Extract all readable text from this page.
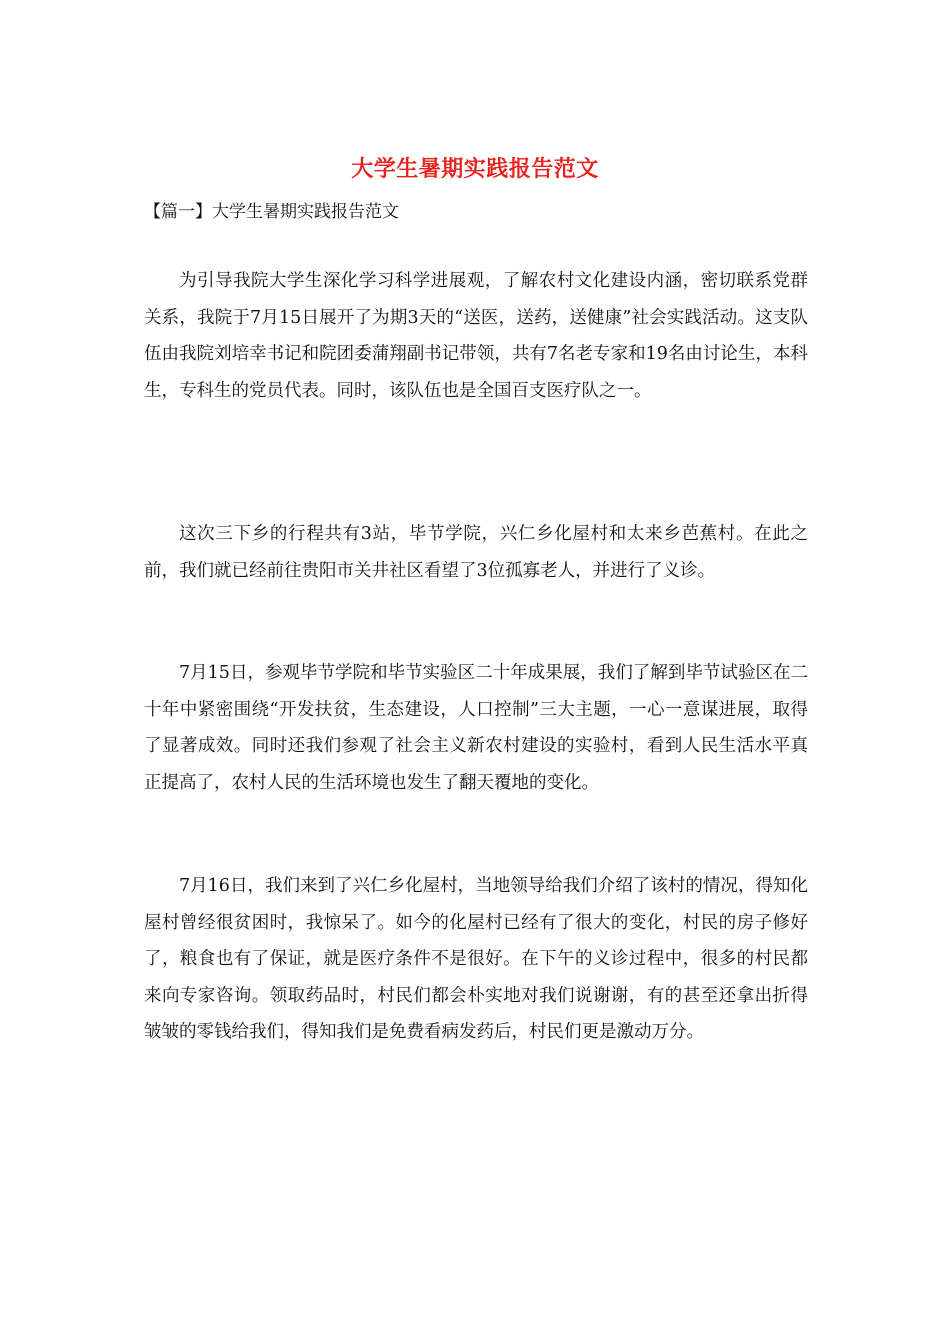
大学生暑期实践报告范文
【篇一】大学生暑期实践报告范文

为引导我院大学生深化学习科学进展观，了解农村文化建设内涵，密切联系党群关系，我院于7月15日展开了为期3天的“送医，送药，送健康”社会实践活动。这支队伍由我院刘培幸书记和院团委蒲翔副书记带领，共有7名老专家和19名由讨论生，本科生，专科生的党员代表。同时，该队伍也是全国百支医疗队之一。

这次三下乡的行程共有3站，毕节学院，兴仁乡化屋村和太来乡芭蕉村。在此之前，我们就已经前往贵阳市关井社区看望了3位孤寡老人，并进行了义诊。

7月15日，参观毕节学院和毕节实验区二十年成果展，我们了解到毕节试验区在二十年中紧密围绕“开发扶贫，生态建设，人口控制”三大主题，一心一意谋进展，取得了显著成效。同时还我们参观了社会主义新农村建设的实验村，看到人民生活水平真正提高了，农村人民的生活环境也发生了翻天覆地的变化。

7月16日，我们来到了兴仁乡化屋村，当地领导给我们介绍了该村的情况，得知化屋村曾经很贫困时，我惊呆了。如今的化屋村已经有了很大的变化，村民的房子修好了，粮食也有了保证，就是医疗条件不是很好。在下午的义诊过程中，很多的村民都来向专家咨询。领取药品时，村民们都会朴实地对我们说谢谢，有的甚至还拿出折得皱皱的零钱给我们，得知我们是免费看病发药后，村民们更是激动万分。
